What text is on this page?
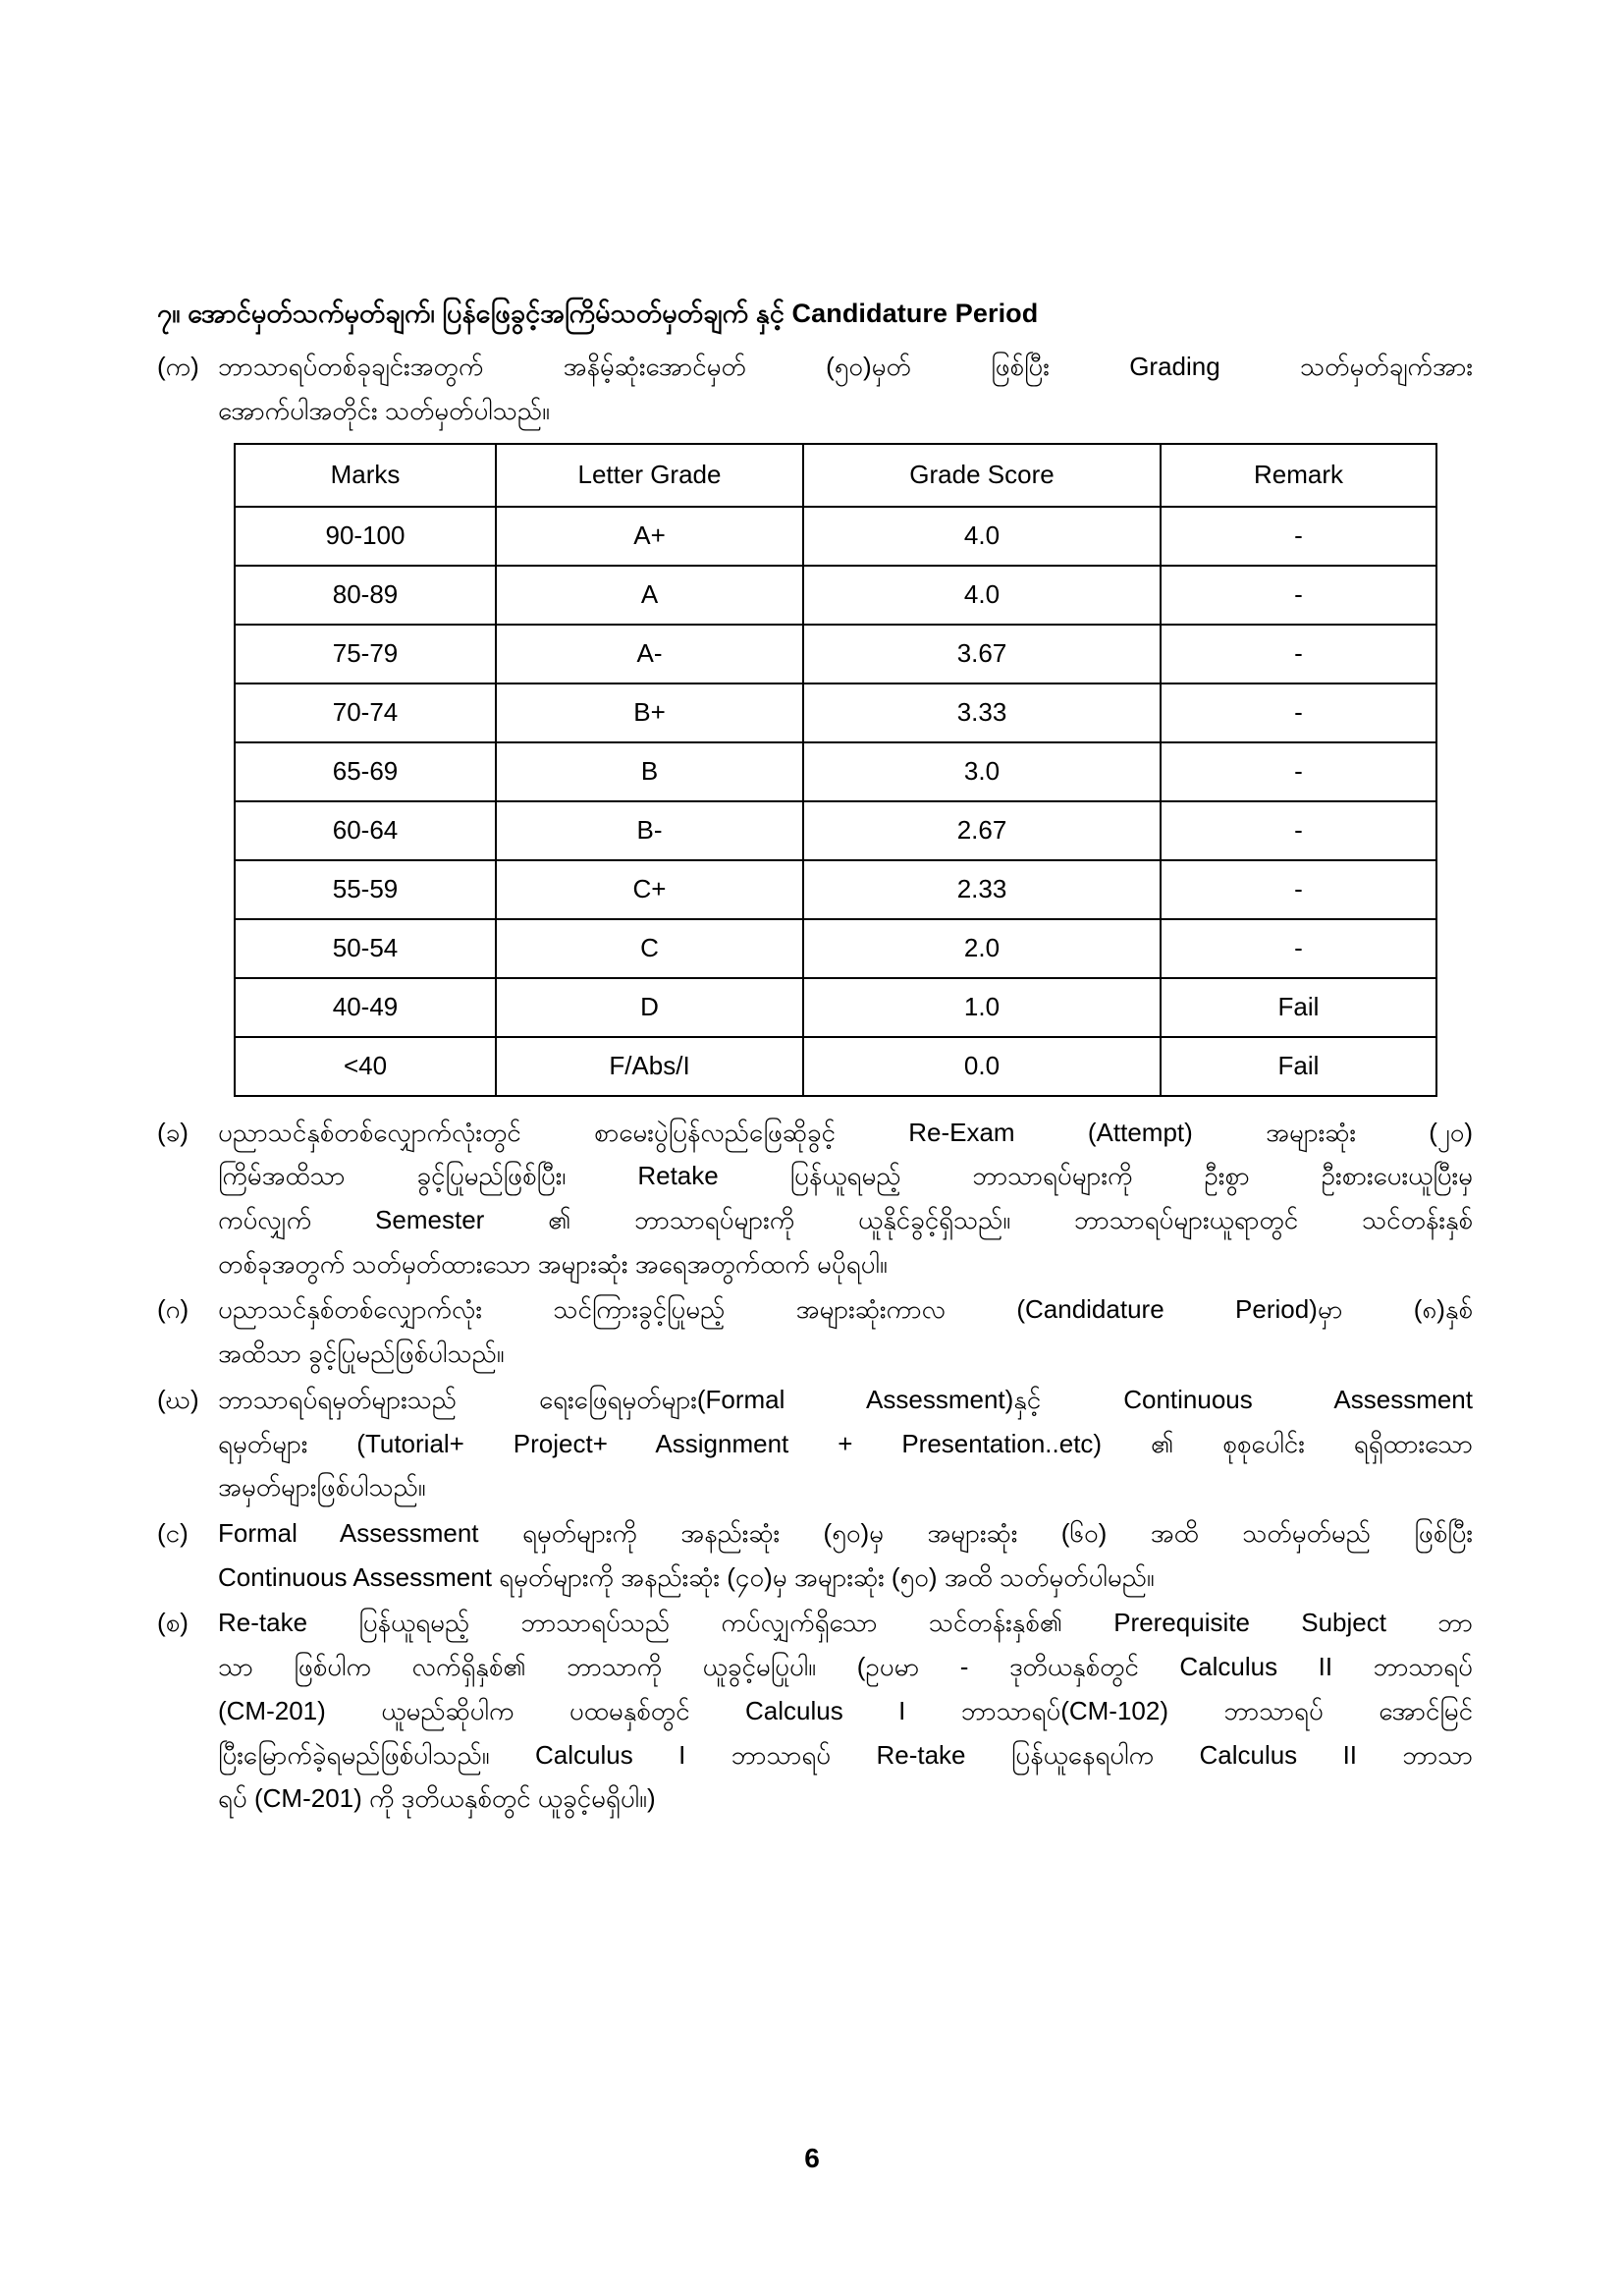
၇။ အောင်မှတ်သက်မှတ်ချက်၊ ပြန်ဖြေခွင့်အကြိမ်သတ်မှတ်ချက် နှင့် Candidature Period
(က) ဘာသာရပ်တစ်ခုချင်းအတွက် အနိမ့်ဆုံးအောင်မှတ် (၅၀)မှတ် ဖြစ်ပြီး Grading သတ်မှတ်ချက်အား
အောက်ပါအတိုင်း သတ်မှတ်ပါသည်။
Marks	Letter Grade	Grade Score	Remark
90-100	A+	4.0	-
80-89	A	4.0	-
75-79	A-	3.67	-
70-74	B+	3.33	-
65-69	B	3.0	-
60-64	B-	2.67	-
55-59	C+	2.33	-
50-54	C	2.0	-
40-49	D	1.0	Fail
<40	F/Abs/I	0.0	Fail
(ခ)	ပညာသင်နှစ်တစ်လျှောက်လုံးတွင် စာမေးပွဲပြန်လည်ဖြေဆိုခွင့် Re-Exam (Attempt) အများဆုံး (၂၀)
ကြိမ်အထိသာ ခွင့်ပြုမည်ဖြစ်ပြီး၊ Retake ပြန်ယူရမည့် ဘာသာရပ်များကို ဦးစွာ ဦးစားပေးယူပြီးမှ
ကပ်လျှက် Semester ၏ ဘာသာရပ်များကို ယူနိုင်ခွင့်ရှိသည်။ ဘာသာရပ်များယူရာတွင် သင်တန်းနှစ်
တစ်ခုအတွက် သတ်မှတ်ထားသော အများဆုံး အရေအတွက်ထက် မပိုရပါ။
(ဂ)	ပညာသင်နှစ်တစ်လျှောက်လုံး သင်ကြားခွင့်ပြုမည့် အများဆုံးကာလ (Candidature Period)မှာ (၈)နှစ်
အထိသာ ခွင့်ပြုမည်ဖြစ်ပါသည်။
(ဃ) ဘာသာရပ်ရမှတ်များသည် ရေးဖြေရမှတ်များ(Formal Assessment)နှင့် Continuous Assessment
ရမှတ်များ (Tutorial+ Project+ Assignment + Presentation..etc) ၏ စုစုပေါင်း ရရှိထားသော
အမှတ်များဖြစ်ပါသည်။
(င)	Formal Assessment ရမှတ်များကို အနည်းဆုံး (၅၀)မှ အများဆုံး (၆၀) အထိ သတ်မှတ်မည် ဖြစ်ပြီး
Continuous Assessment ရမှတ်များကို အနည်းဆုံး (၄၀)မှ အများဆုံး (၅၀) အထိ သတ်မှတ်ပါမည်။
(စ)	Re-take ပြန်ယူရမည့် ဘာသာရပ်သည် ကပ်လျှက်ရှိသော သင်တန်းနှစ်၏ Prerequisite Subject ဘာ
သာ ဖြစ်ပါက လက်ရှိနှစ်၏ ဘာသာကို ယူခွင့်မပြုပါ။ (ဥပမာ - ဒုတိယနှစ်တွင် Calculus II ဘာသာရပ်
(CM-201) ယူမည်ဆိုပါက ပထမနှစ်တွင် Calculus I ဘာသာရပ်(CM-102) ဘာသာရပ် အောင်မြင်
ပြီးမြောက်ခဲ့ရမည်ဖြစ်ပါသည်။ Calculus I ဘာသာရပ် Re-take ပြန်ယူနေရပါက Calculus II ဘာသာ
ရပ် (CM-201) ကို ဒုတိယနှစ်တွင် ယူခွင့်မရှိပါ။)
6
